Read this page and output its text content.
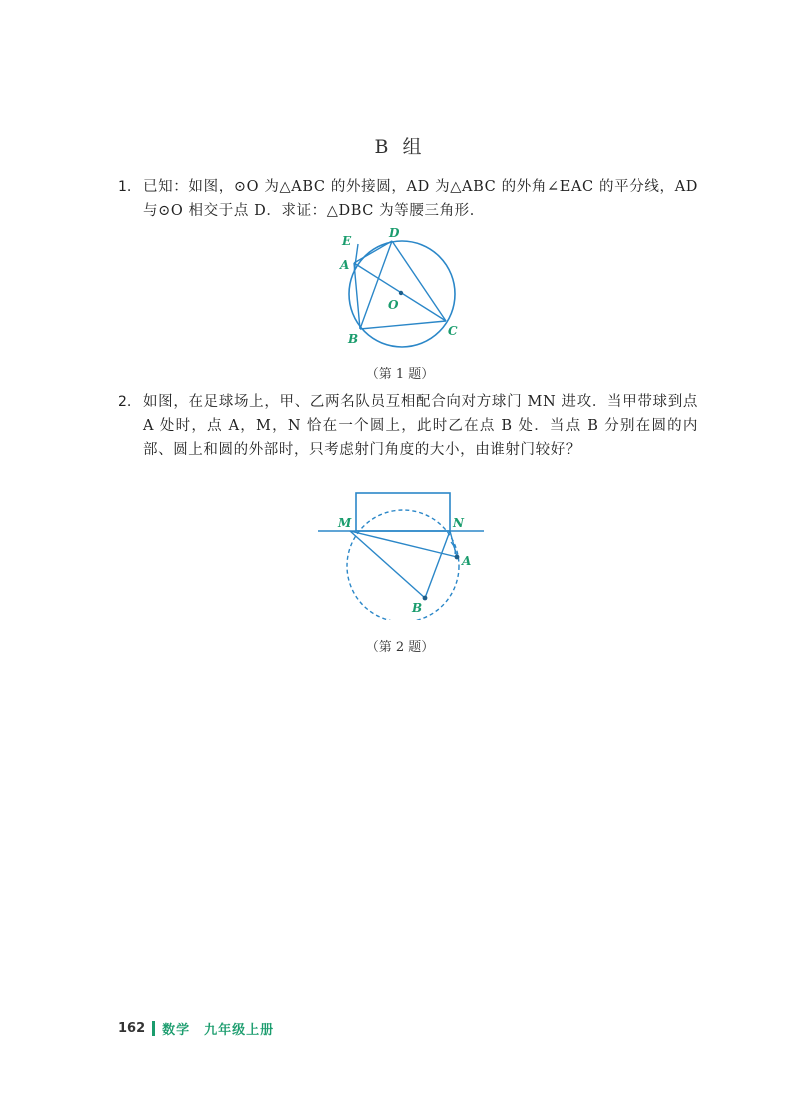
B 组
1. 已知：如图，⊙O 为△ABC 的外接圆，AD 为△ABC 的外角∠EAC 的平分线，AD 与⊙O 相交于点 D．求证：△DBC 为等腰三角形．
E
D
A
O
B
C
（第 1 题）
2. 如图，在足球场上，甲、乙两名队员互相配合向对方球门 MN 进攻．当甲带球到点 A 处时，点 A，M，N 恰在一个圆上，此时乙在点 B 处．当点 B 分别在圆的内部、圆上和圆的外部时，只考虑射门角度的大小，由谁射门较好？
M	N
A
B
（第 2 题）
162 数学　九年级上册
